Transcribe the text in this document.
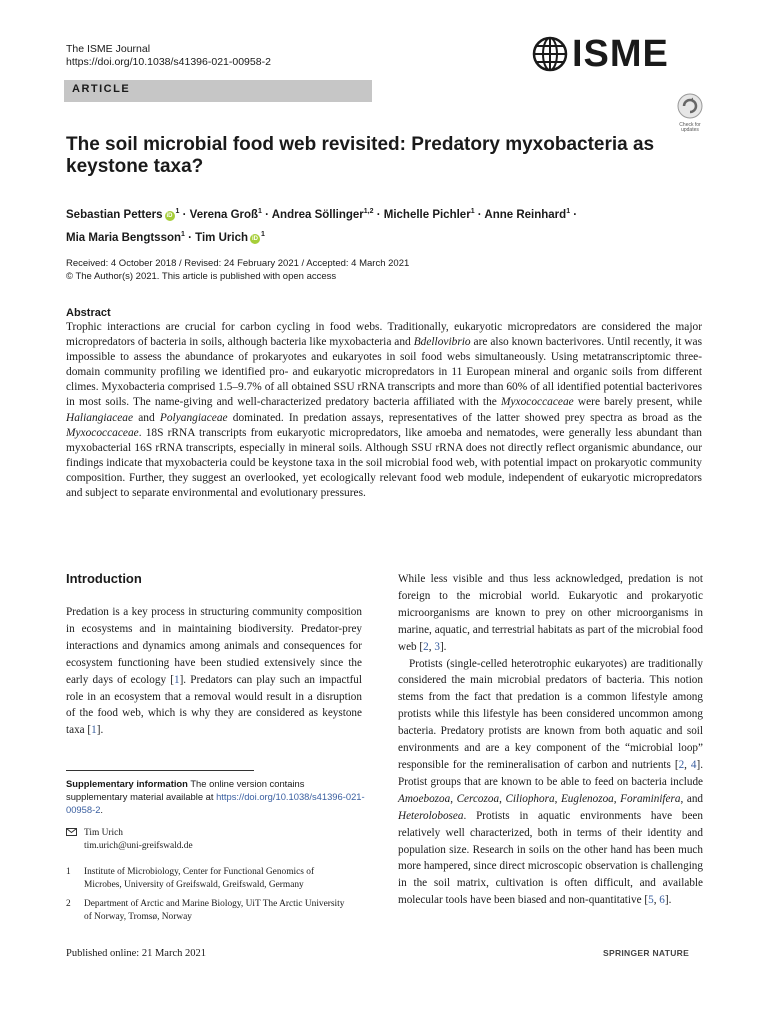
The ISME Journal
https://doi.org/10.1038/s41396-021-00958-2	ISME
ARTICLE
Check for updates
The soil microbial food web revisited: Predatory myxobacteria as keystone taxa?
Sebastian Petters $iD^1$ · Verena Groß$^1$ · Andrea Söllinger$^{1,2}$ · Michelle Pichler$^1$ · Anne Reinhard$^1$ ·
Mia Maria Bengtsson$^1$ · Tim Urich $iD^1$
Received: 4 October 2018 / Revised: 24 February 2021 / Accepted: 4 March 2021
© The Author(s) 2021. This article is published with open access
Abstract
Trophic interactions are crucial for carbon cycling in food webs. Traditionally, eukaryotic micropredators are considered the major micropredators of bacteria in soils, although bacteria like myxobacteria and Bdellovibrio are also known bacterivores. Until recently, it was impossible to assess the abundance of prokaryotes and eukaryotes in soil food webs simultaneously. Using metatranscriptomic three-domain community profiling we identified pro- and eukaryotic micropredators in 11 European mineral and organic soils from different climes. Myxobacteria comprised 1.5–9.7% of all obtained SSU rRNA transcripts and more than 60% of all identified potential bacterivores in most soils. The name-giving and well-characterized predatory bacteria affiliated with the Myxococcaceae were barely present, while Haliangiaceae and Polyangiaceae dominated. In predation assays, representatives of the latter showed prey spectra as broad as the Myxococcaceae. 18S rRNA transcripts from eukaryotic micropredators, like amoeba and nematodes, were generally less abundant than myxobacterial 16S rRNA transcripts, especially in mineral soils. Although SSU rRNA does not directly reflect organismic abundance, our findings indicate that myxobacteria could be keystone taxa in the soil microbial food web, with potential impact on prokaryotic community composition. Further, they suggest an overlooked, yet ecologically relevant food web module, independent of eukaryotic micropredators and subject to separate environmental and evolutionary pressures.
Introduction
Predation is a key process in structuring community composition in ecosystems and in maintaining biodiversity. Predator-prey interactions and dynamics among animals and consequences for ecosystem functioning have been studied extensively since the early days of ecology [1]. Predators can play such an impactful role in an ecosystem that a removal would result in a disruption of the food web, which is why they are considered as keystone taxa [1].
While less visible and thus less acknowledged, predation is not foreign to the microbial world. Eukaryotic and prokaryotic microorganisms are known to prey on other microorganisms in marine, aquatic, and terrestrial habitats as part of the microbial food web [2, 3].
Protists (single-celled heterotrophic eukaryotes) are traditionally considered the main microbial predators of bacteria. This notion stems from the fact that predation is a common lifestyle among protists while this lifestyle has been considered uncommon among bacteria. Predatory protists are known from both aquatic and soil environments and are a key component of the “microbial loop” responsible for the remineralisation of carbon and nutrients [2, 4]. Protist groups that are known to be able to feed on bacteria include Amoebozoa, Cercozoa, Ciliophora, Euglenozoa, Foraminifera, and Heterolobosea. Protists in aquatic environments have been relatively well characterized, both in terms of their identity and population size. Research in soils on the other hand has been much more hampered, since direct microscopic observation is challenging in the soil matrix, cultivation is often difficult, and available molecular tools have been biased and non-quantitative [5, 6].
Supplementary information The online version contains supplementary material available at https://doi.org/10.1038/s41396-021-00958-2.
Tim Urich
tim.urich@uni-greifswald.de
1 Institute of Microbiology, Center for Functional Genomics of Microbes, University of Greifswald, Greifswald, Germany
2 Department of Arctic and Marine Biology, UiT The Arctic University of Norway, Tromsø, Norway
Published online: 21 March 2021	SPRINGER NATURE
